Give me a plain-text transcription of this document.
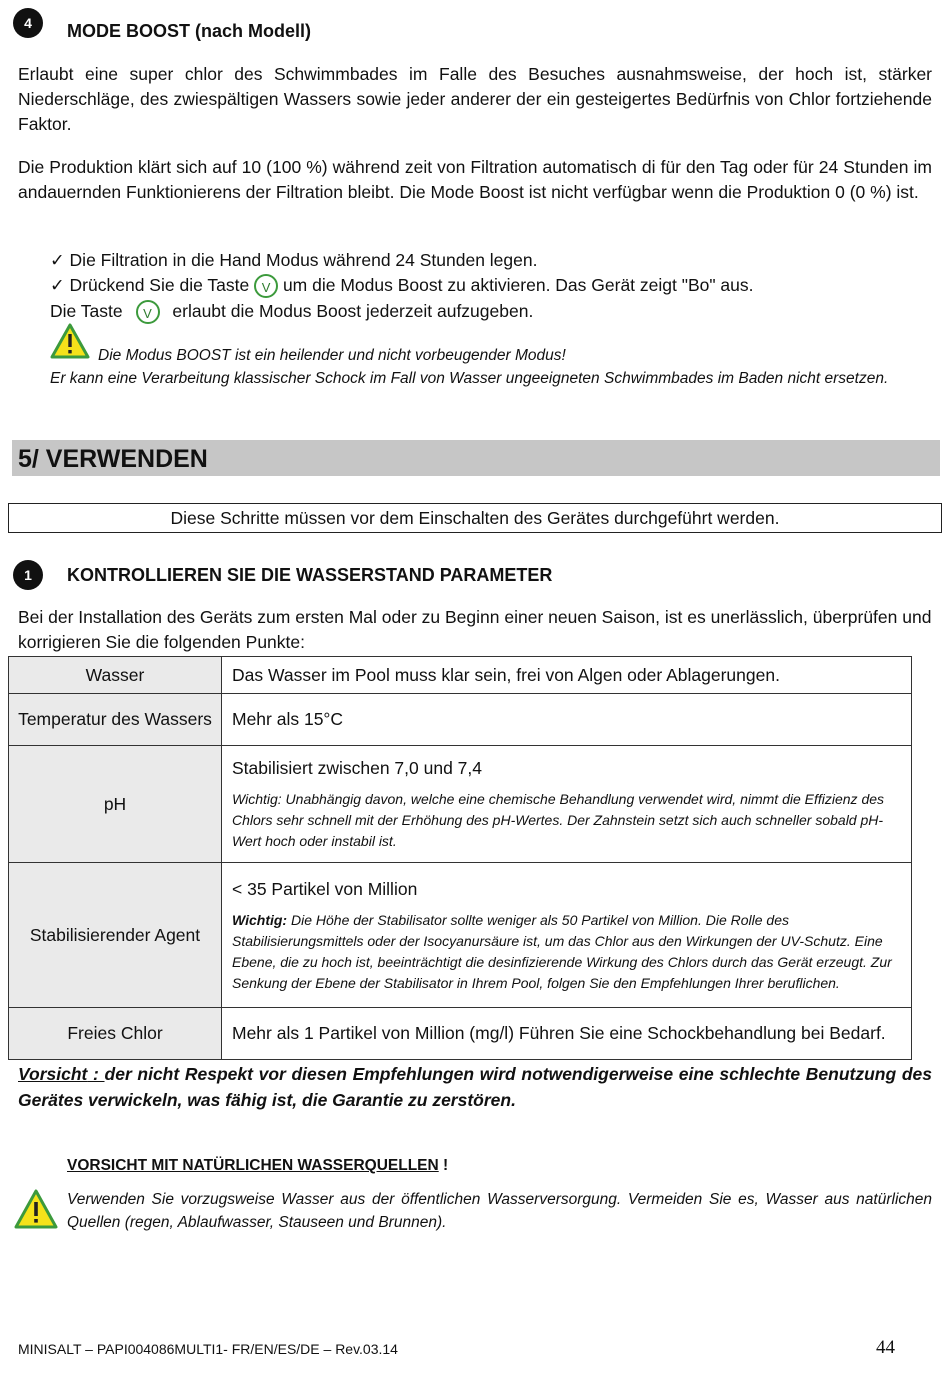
4	MODE BOOST (nach Modell)
Erlaubt eine super chlor des Schwimmbades im Falle des Besuches ausnahmsweise, der hoch ist, stärker Niederschläge, des zwiespältigen Wassers sowie jeder anderer der ein gesteigertes Bedürfnis von Chlor fortziehende Faktor.
Die Produktion klärt sich auf 10 (100 %) während zeit von Filtration automatisch di für den Tag oder für 24 Stunden im andauernden Funktionierens der Filtration bleibt. Die Mode Boost ist nicht verfügbar wenn die Produktion 0 (0 %) ist.
✓ Die Filtration in die Hand Modus während 24 Stunden legen.
✓ Drückend Sie die Taste V um die Modus Boost zu aktivieren. Das Gerät zeigt "Bo" aus.
Die Taste V erlaubt die Modus Boost jederzeit aufzugeben.
Die Modus BOOST ist ein heilender und nicht vorbeugender Modus!
Er kann eine Verarbeitung klassischer Schock im Fall von Wasser ungeeigneten Schwimmbades im Baden nicht ersetzen.
5/ VERWENDEN
Diese Schritte müssen vor dem Einschalten des Gerätes durchgeführt werden.
1	KONTROLLIEREN SIE DIE WASSERSTAND PARAMETER
Bei der Installation des Geräts zum ersten Mal oder zu Beginn einer neuen Saison, ist es unerlässlich, überprüfen und korrigieren Sie die folgenden Punkte:
Wasser	Das Wasser im Pool muss klar sein, frei von Algen oder Ablagerungen.
Temperatur des Wassers	Mehr als 15°C
pH	Stabilisiert zwischen 7,0 und 7,4
Wichtig: Unabhängig davon, welche eine chemische Behandlung verwendet wird, nimmt die Effizienz des Chlors sehr schnell mit der Erhöhung des pH-Wertes. Der Zahnstein setzt sich auch schneller sobald pH-Wert hoch oder instabil ist.

Stabilisierender Agent	< 35 Partikel von Million
Wichtig: Die Höhe der Stabilisator sollte weniger als 50 Partikel von Million. Die Rolle des Stabilisierungsmittels oder der Isocyanursäure ist, um das Chlor aus den Wirkungen der UV-Schutz. Eine Ebene, die zu hoch ist, beeinträchtigt die desinfizierende Wirkung des Chlors durch das Gerät erzeugt. Zur Senkung der Ebene der Stabilisator in Ihrem Pool, folgen Sie den Empfehlungen Ihrer beruflichen.

Freies Chlor	Mehr als 1 Partikel von Million (mg/l) Führen Sie eine Schockbehandlung bei Bedarf.
Vorsicht : der nicht Respekt vor diesen Empfehlungen wird notwendigerweise eine schlechte Benutzung des Gerätes verwickeln, was fähig ist, die Garantie zu zerstören.
VORSICHT MIT NATÜRLICHEN WASSERQUELLEN !
Verwenden Sie vorzugsweise Wasser aus der öffentlichen Wasserversorgung. Vermeiden Sie es, Wasser aus natürlichen Quellen (regen, Ablaufwasser, Stauseen und Brunnen).
MINISALT – PAPI004086MULTI1- FR/EN/ES/DE – Rev.03.14	44
